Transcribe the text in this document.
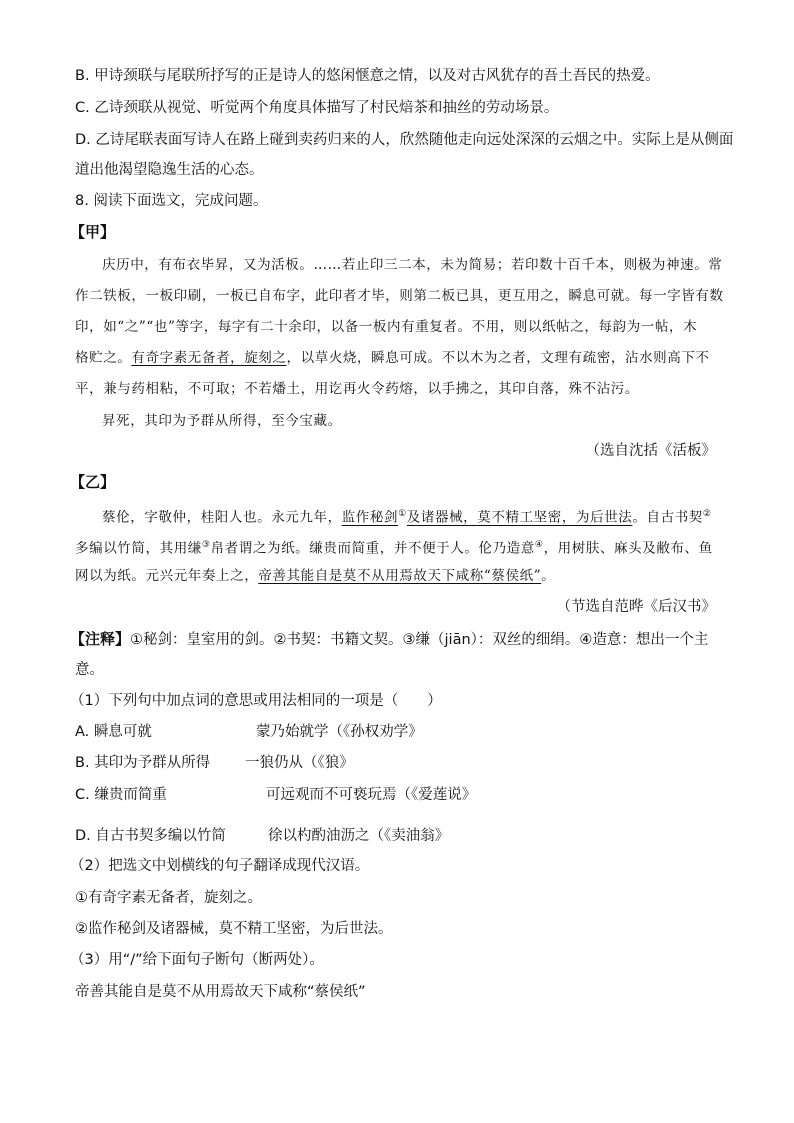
B. 甲诗颈联与尾联所抒写的正是诗人的悠闲惬意之情，以及对古风犹存的吾土吾民的热爱。
C. 乙诗颈联从视觉、听觉两个角度具体描写了村民焙茶和抽丝的劳动场景。
D. 乙诗尾联表面写诗人在路上碰到卖药归来的人，欣然随他走向远处深深的云烟之中。实际上是从侧面
道出他渴望隐逸生活的心态。
8. 阅读下面选文，完成问题。
【甲】
庆历中，有布衣毕昇，又为活板。……若止印三二本，未为简易；若印数十百千本，则极为神速。常
作二铁板，一板印刷，一板已自布字，此印者才毕，则第二板已具，更互用之，瞬息可就。每一字皆有数
印，如“之”“也”等字，每字有二十余印，以备一板内有重复者。不用，则以纸帖之，每韵为一帖，木
格贮之。有奇字素无备者，旋刻之，以草火烧，瞬息可成。不以木为之者，文理有疏密，沾水则高下不
平，兼与药相粘，不可取；不若燔土，用讫再火令药熔，以手拂之，其印自落，殊不沾污。
昇死，其印为予群从所得，至今宝藏。
（选自沈括《活板》
【乙】
蔡伦，字敬仲，桂阳人也。永元九年，监作秘剑①及诸器械，莫不精工坚密，为后世法。自古书契②
多编以竹简，其用缣③帛者谓之为纸。缣贵而简重，并不便于人。伦乃造意④，用树肤、麻头及敝布、鱼
网以为纸。元兴元年奏上之，帝善其能自是莫不从用焉故天下咸称“蔡侯纸”。
（节选自范晔《后汉书》
【注释】①秘剑：皇室用的剑。②书契：书籍文契。③缣（jiān）：双丝的细绢。④造意：想出一个主
意。
（1）下列句中加点词的意思或用法相同的一项是（　　）
A. 瞬息可就	蒙乃始就学（《孙权劝学》
B. 其印为予群从所得 一狼仍从（《狼》
C. 缣贵而简重	可远观而不可亵玩焉（《爱莲说》
D. 自古书契多编以竹简	徐以杓酌油沥之（《卖油翁》
（2）把选文中划横线的句子翻译成现代汉语。
①有奇字素无备者，旋刻之。
②监作秘剑及诸器械，莫不精工坚密，为后世法。
（3）用“/”给下面句子断句（断两处）。
帝善其能自是莫不从用焉故天下咸称“蔡侯纸”
